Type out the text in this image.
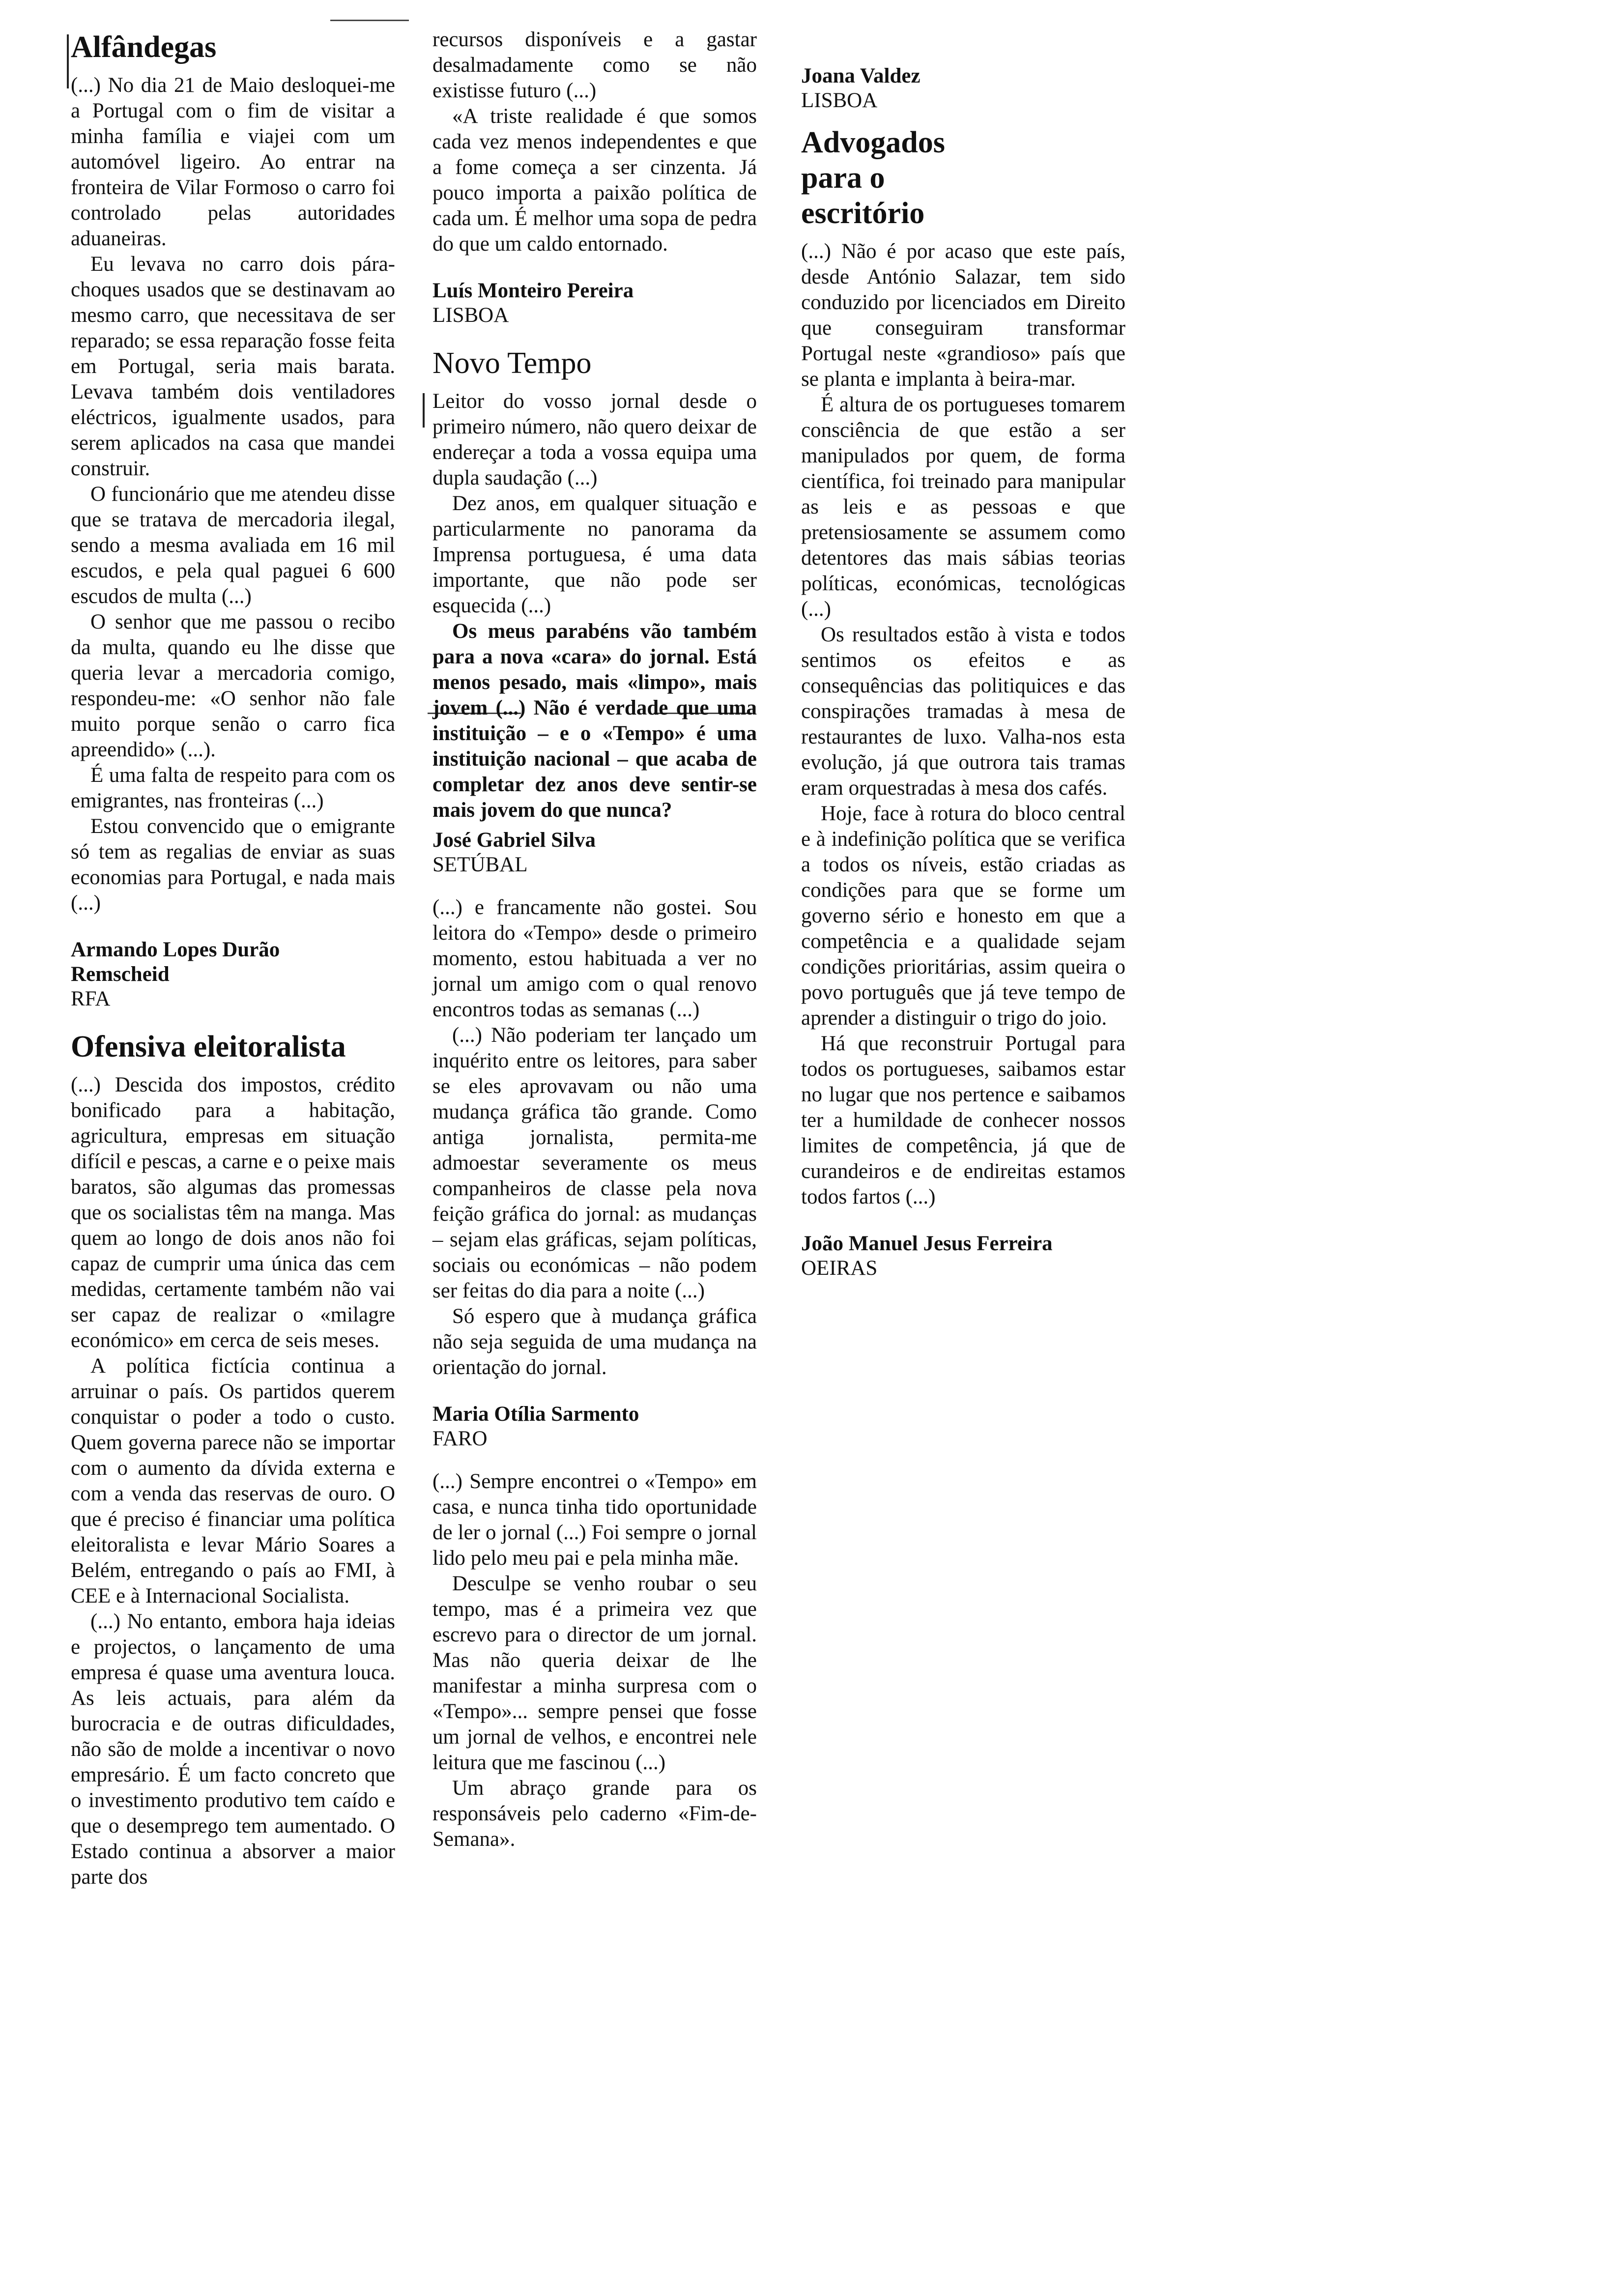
Alfândegas

(...) No dia 21 de Maio desloquei-me a Portugal com o fim de visitar a minha família e viajei com um automóvel ligeiro. Ao entrar na fronteira de Vilar Formoso o carro foi controlado pelas autoridades aduaneiras.

Eu levava no carro dois pára-choques usados que se destinavam ao mesmo carro, que necessitava de ser reparado; se essa reparação fosse feita em Portugal, seria mais barata. Levava também dois ventiladores eléctricos, igualmente usados, para serem aplicados na casa que mandei construir.

O funcionário que me atendeu disse que se tratava de mercadoria ilegal, sendo a mesma avaliada em 16 mil escudos, e pela qual paguei 6 600 escudos de multa (...)

O senhor que me passou o recibo da multa, quando eu lhe disse que queria levar a mercadoria comigo, respondeu-me: «O senhor não fale muito porque senão o carro fica apreendido» (...).

É uma falta de respeito para com os emigrantes, nas fronteiras (...)

Estou convencido que o emigrante só tem as regalias de enviar as suas economias para Portugal, e nada mais (...)

Armando Lopes Durão
Remscheid
RFA
Ofensiva eleitoralista

(...) Descida dos impostos, crédito bonificado para a habitação, agricultura, empresas em situação difícil e pescas, a carne e o peixe mais baratos, são algumas das promessas que os socialistas têm na manga. Mas quem ao longo de dois anos não foi capaz de cumprir uma única das cem medidas, certamente também não vai ser capaz de realizar o «milagre económico» em cerca de seis meses.

A política fictícia continua a arruinar o país. Os partidos querem conquistar o poder a todo o custo. Quem governa parece não se importar com o aumento da dívida externa e com a venda das reservas de ouro. O que é preciso é financiar uma política eleitoralista e levar Mário Soares a Belém, entregando o país ao FMI, à CEE e à Internacional Socialista.

(...) No entanto, embora haja ideias e projectos, o lançamento de uma empresa é quase uma aventura louca. As leis actuais, para além da burocracia e de outras dificuldades, não são de molde a incentivar o novo empresário. É um facto concreto que o investimento produtivo tem caído e que o desemprego tem aumentado. O Estado continua a absorver a maior parte dos

recursos disponíveis e a gastar desalmadamente como se não existisse futuro (...)

«A triste realidade é que somos cada vez menos independentes e que a fome começa a ser cinzenta. Já pouco importa a paixão política de cada um. É melhor uma sopa de pedra do que um caldo entornado.

Luís Monteiro Pereira
LISBOA
Novo Tempo

Leitor do vosso jornal desde o primeiro número, não quero deixar de endereçar a toda a vossa equipa uma dupla saudação (...)

Dez anos, em qualquer situação e particularmente no panorama da Imprensa portuguesa, é uma data importante, que não pode ser esquecida (...)

Os meus parabéns vão também para a nova «cara» do jornal. Está menos pesado, mais «limpo», mais jovem (...) Não é verdade que uma instituição – e o «Tempo» é uma instituição nacional – que acaba de completar dez anos deve sentir-se mais jovem do que nunca?

José Gabriel Silva
SETÚBAL

(...) e francamente não gostei. Sou leitora do «Tempo» desde o primeiro momento, estou habituada a ver no jornal um amigo com o qual renovo encontros todas as semanas (...)

(...) Não poderiam ter lançado um inquérito entre os leitores, para saber se eles aprovavam ou não uma mudança gráfica tão grande. Como antiga jornalista, permita-me admoestar severamente os meus companheiros de classe pela nova feição gráfica do jornal: as mudanças – sejam elas gráficas, sejam políticas, sociais ou económicas – não podem ser feitas do dia para a noite (...)

Só espero que à mudança gráfica não seja seguida de uma mudança na orientação do jornal.

Maria Otília Sarmento
FARO

(...) Sempre encontrei o «Tempo» em casa, e nunca tinha tido oportunidade de ler o jornal (...) Foi sempre o jornal lido pelo meu pai e pela minha mãe.

Desculpe se venho roubar o seu tempo, mas é a primeira vez que escrevo para o director de um jornal. Mas não queria deixar de lhe manifestar a minha surpresa com o «Tempo»... sempre pensei que fosse um jornal de velhos, e encontrei nele leitura que me fascinou (...)

Um abraço grande para os responsáveis pelo caderno «Fim-de-Semana».

Joana Valdez
LISBOA
Advogados para o escritório

(...) Não é por acaso que este país, desde António Salazar, tem sido conduzido por licenciados em Direito que conseguiram transformar Portugal neste «grandioso» país que se planta e implanta à beira-mar.

É altura de os portugueses tomarem consciência de que estão a ser manipulados por quem, de forma científica, foi treinado para manipular as leis e as pessoas e que pretensiosamente se assumem como detentores das mais sábias teorias políticas, económicas, tecnológicas (...)

Os resultados estão à vista e todos sentimos os efeitos e as consequências das politiquices e das conspirações tramadas à mesa de restaurantes de luxo. Valha-nos esta evolução, já que outrora tais tramas eram orquestradas à mesa dos cafés.

Hoje, face à rotura do bloco central e à indefinição política que se verifica a todos os níveis, estão criadas as condições para que se forme um governo sério e honesto em que a competência e a qualidade sejam condições prioritárias, assim queira o povo português que já teve tempo de aprender a distinguir o trigo do joio.

Há que reconstruir Portugal para todos os portugueses, saibamos estar no lugar que nos pertence e saibamos ter a humildade de conhecer nossos limites de competência, já que de curandeiros e de endireitas estamos todos fartos (...)

João Manuel Jesus Ferreira
OEIRAS
